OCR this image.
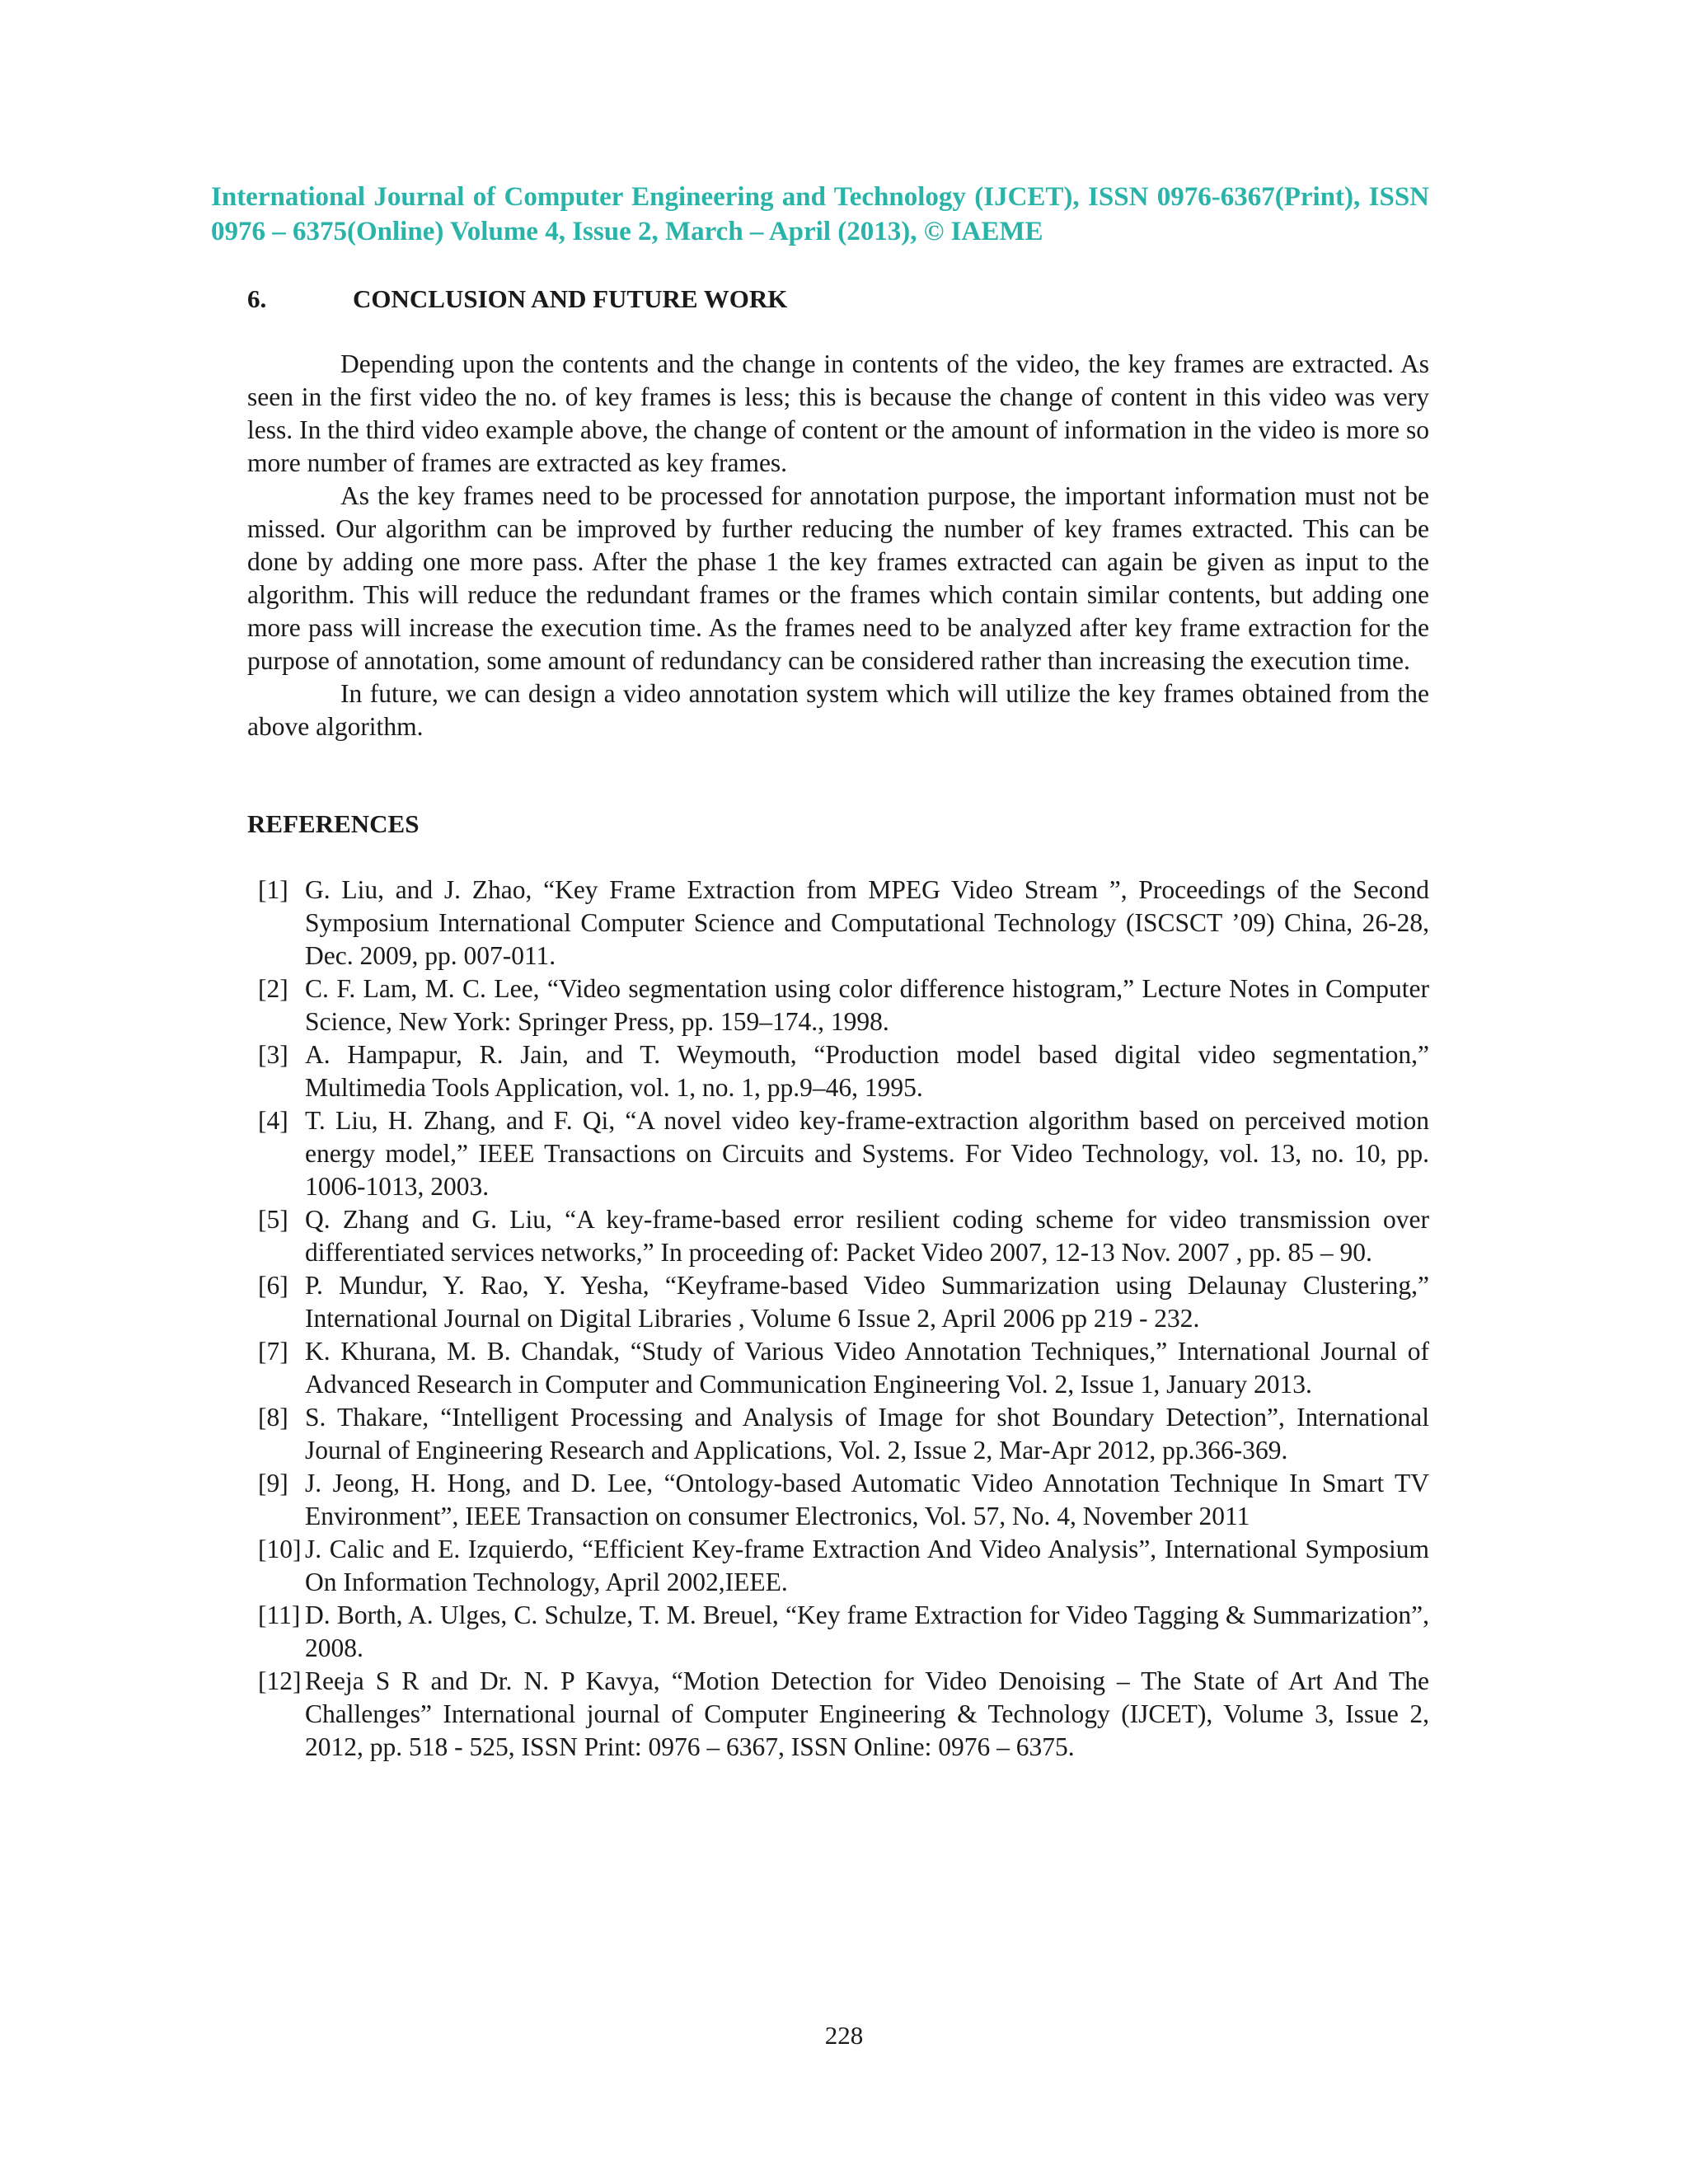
International Journal of Computer Engineering and Technology (IJCET), ISSN 0976-6367(Print), ISSN 0976 – 6375(Online) Volume 4, Issue 2, March – April (2013), © IAEME
6.	CONCLUSION AND FUTURE WORK

Depending upon the contents and the change in contents of the video, the key frames are extracted. As seen in the first video the no. of key frames is less; this is because the change of content in this video was very less. In the third video example above, the change of content or the amount of information in the video is more so more number of frames are extracted as key frames.

As the key frames need to be processed for annotation purpose, the important information must not be missed. Our algorithm can be improved by further reducing the number of key frames extracted. This can be done by adding one more pass. After the phase 1 the key frames extracted can again be given as input to the algorithm. This will reduce the redundant frames or the frames which contain similar contents, but adding one more pass will increase the execution time. As the frames need to be analyzed after key frame extraction for the purpose of annotation, some amount of redundancy can be considered rather than increasing the execution time.

In future, we can design a video annotation system which will utilize the key frames obtained from the above algorithm.

REFERENCES
[1] G. Liu, and J. Zhao, “Key Frame Extraction from MPEG Video Stream ”, Proceedings of the Second Symposium International Computer Science and Computational Technology (ISCSCT ’09) China, 26-28, Dec. 2009, pp. 007-011.
[2] C. F. Lam, M. C. Lee, “Video segmentation using color difference histogram,” Lecture Notes in Computer Science, New York: Springer Press, pp. 159–174., 1998.
[3] A. Hampapur, R. Jain, and T. Weymouth, “Production model based digital video segmentation,” Multimedia Tools Application, vol. 1, no. 1, pp.9–46, 1995.
[4] T. Liu, H. Zhang, and F. Qi, “A novel video key-frame-extraction algorithm based on perceived motion energy model,” IEEE Transactions on Circuits and Systems. For Video Technology, vol. 13, no. 10, pp. 1006-1013, 2003.
[5] Q. Zhang and G. Liu, “A key-frame-based error resilient coding scheme for video transmission over differentiated services networks,” In proceeding of: Packet Video 2007, 12-13 Nov. 2007 , pp. 85 – 90.
[6] P. Mundur, Y. Rao, Y. Yesha, “Keyframe-based Video Summarization using Delaunay Clustering,” International Journal on Digital Libraries , Volume 6 Issue 2, April 2006 pp 219 - 232.
[7] K. Khurana, M. B. Chandak, “Study of Various Video Annotation Techniques,” International Journal of Advanced Research in Computer and Communication Engineering Vol. 2, Issue 1, January 2013.
[8] S. Thakare, “Intelligent Processing and Analysis of Image for shot Boundary Detection”, International Journal of Engineering Research and Applications, Vol. 2, Issue 2, Mar-Apr 2012, pp.366-369.
[9] J. Jeong, H. Hong, and D. Lee, “Ontology-based Automatic Video Annotation Technique In Smart TV Environment”, IEEE Transaction on consumer Electronics, Vol. 57, No. 4, November 2011
[10] J. Calic and E. Izquierdo, “Efficient Key-frame Extraction And Video Analysis”, International Symposium On Information Technology, April 2002,IEEE.
[11] D. Borth, A. Ulges, C. Schulze, T. M. Breuel, “Key frame Extraction for Video Tagging & Summarization”, 2008.
[12] Reeja S R and Dr. N. P Kavya, “Motion Detection for Video Denoising – The State of Art And The Challenges” International journal of Computer Engineering & Technology (IJCET), Volume 3, Issue 2, 2012, pp. 518 - 525, ISSN Print: 0976 – 6367, ISSN Online: 0976 – 6375.
228
